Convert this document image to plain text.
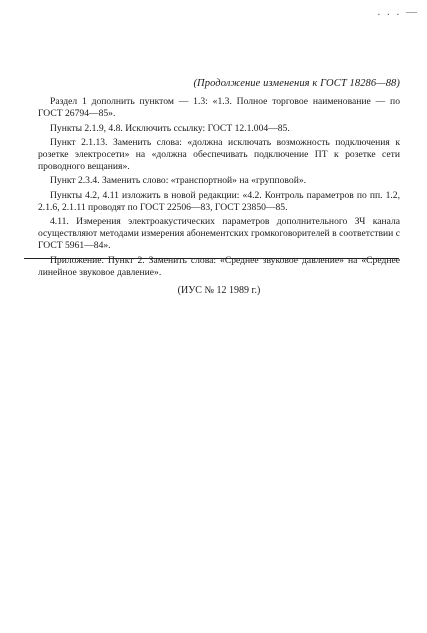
. . . —
(Продолжение изменения к ГОСТ 18286—88)

Раздел 1 дополнить пунктом — 1.3: «1.3. Полное торговое наименование — по ГОСТ 26794—85».

Пункты 2.1.9, 4.8. Исключить ссылку: ГОСТ 12.1.004—85.

Пункт 2.1.13. Заменить слова: «должна исключать возможность подключения к розетке электросети» на «должна обеспечивать подключение ПТ к розетке сети проводного вещания».

Пункт 2.3.4. Заменить слово: «транспортной» на «групповой».

Пункты 4.2, 4.11 изложить в новой редакции: «4.2. Контроль параметров по пп. 1.2, 2.1.6, 2.1.11 проводят по ГОСТ 22506—83, ГОСТ 23850—85.

4.11. Измерения электроакустических параметров дополнительного ЗЧ канала осуществляют методами измерения абонементских громкоговорителей в соответствии с ГОСТ 5961—84».

Приложение. Пункт 2. Заменить слова: «Среднее звуковое давление» на «Среднее линейное звуковое давление».

(ИУС № 12 1989 г.)
